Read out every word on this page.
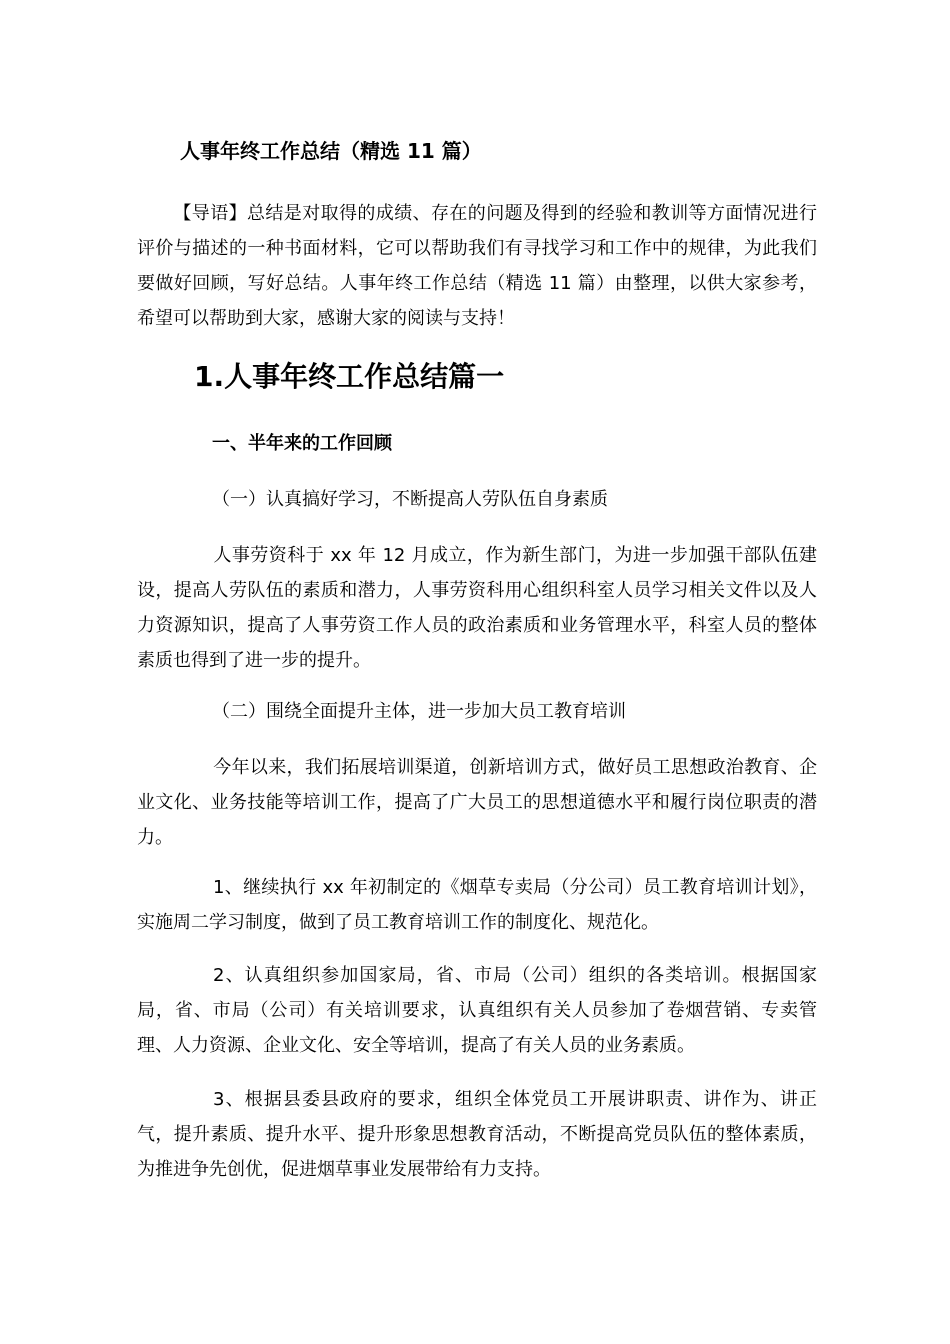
人事年终工作总结（精选 11 篇）

【导语】总结是对取得的成绩、存在的问题及得到的经验和教训等方面情况进行评价与描述的一种书面材料，它可以帮助我们有寻找学习和工作中的规律，为此我们要做好回顾，写好总结。人事年终工作总结（精选 11 篇）由整理，以供大家参考，希望可以帮助到大家，感谢大家的阅读与支持！

1.人事年终工作总结篇一
一、半年来的工作回顾
（一）认真搞好学习，不断提高人劳队伍自身素质

人事劳资科于 xx 年 12 月成立，作为新生部门，为进一步加强干部队伍建设，提高人劳队伍的素质和潜力，人事劳资科用心组织科室人员学习相关文件以及人力资源知识，提高了人事劳资工作人员的政治素质和业务管理水平，科室人员的整体素质也得到了进一步的提升。

（二）围绕全面提升主体，进一步加大员工教育培训

今年以来，我们拓展培训渠道，创新培训方式，做好员工思想政治教育、企业文化、业务技能等培训工作，提高了广大员工的思想道德水平和履行岗位职责的潜力。

1、继续执行 xx 年初制定的《烟草专卖局（分公司）员工教育培训计划》，实施周二学习制度，做到了员工教育培训工作的制度化、规范化。

2、认真组织参加国家局，省、市局（公司）组织的各类培训。根据国家局，省、市局（公司）有关培训要求，认真组织有关人员参加了卷烟营销、专卖管理、人力资源、企业文化、安全等培训，提高了有关人员的业务素质。

3、根据县委县政府的要求，组织全体党员工开展讲职责、讲作为、讲正气，提升素质、提升水平、提升形象思想教育活动，不断提高党员队伍的整体素质，为推进争先创优，促进烟草事业发展带给有力支持。
